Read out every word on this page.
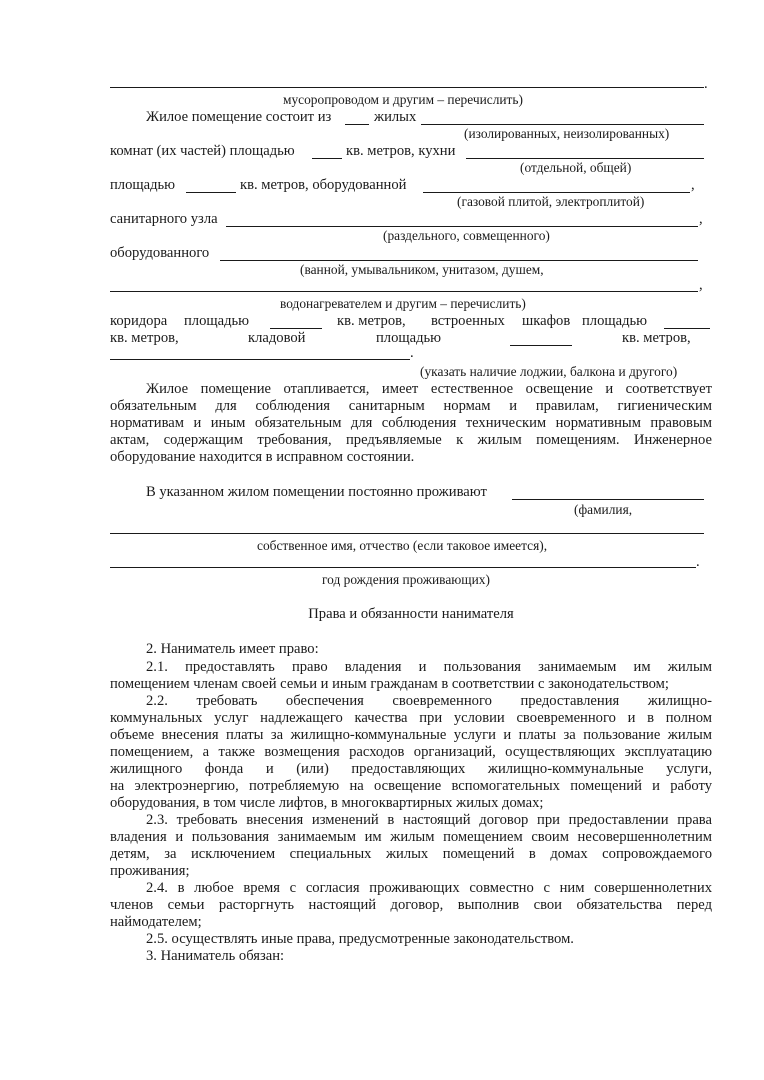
.
мусоропроводом и другим – перечислить)
Жилое помещение состоит из	жилых
(изолированных, неизолированных)
комнат (их частей) площадью	кв. метров, кухни
(отдельной, общей)
площадью	кв. метров, оборудованной	,
(газовой плитой, электроплитой)
санитарного узла	,
(раздельного, совмещенного)
оборудованного
(ванной, умывальником, унитазом, душем,
,
водонагревателем и другим – перечислить)
коридора площадью	кв. метров, встроенных шкафов площадью
кв. метров,	кладовой	площадью	кв. метров,
.
(указать наличие лоджии, балкона и другого)
Жилое помещение отапливается, имеет естественное освещение и соответствует
обязательным для соблюдения санитарным нормам и правилам, гигиеническим
нормативам и иным обязательным для соблюдения техническим нормативным правовым
актам, содержащим требования, предъявляемые к жилым помещениям. Инженерное
оборудование находится в исправном состоянии.
В указанном жилом помещении постоянно проживают
(фамилия,
собственное имя, отчество (если таковое имеется),
.
год рождения проживающих)
Права и обязанности нанимателя
2. Наниматель имеет право:
2.1. предоставлять право владения и пользования занимаемым им жилым
помещением членам своей семьи и иным гражданам в соответствии с законодательством;
2.2. требовать обеспечения своевременного предоставления жилищно-
коммунальных услуг надлежащего качества при условии своевременного и в полном
объеме внесения платы за жилищно-коммунальные услуги и платы за пользование жилым
помещением, а также возмещения расходов организаций, осуществляющих эксплуатацию
жилищного фонда и (или) предоставляющих жилищно-коммунальные услуги,
на электроэнергию, потребляемую на освещение вспомогательных помещений и работу
оборудования, в том числе лифтов, в многоквартирных жилых домах;
2.3. требовать внесения изменений в настоящий договор при предоставлении права
владения и пользования занимаемым им жилым помещением своим несовершеннолетним
детям, за исключением специальных жилых помещений в домах сопровождаемого
проживания;
2.4. в любое время с согласия проживающих совместно с ним совершеннолетних
членов семьи расторгнуть настоящий договор, выполнив свои обязательства перед
наймодателем;
2.5. осуществлять иные права, предусмотренные законодательством.
3. Наниматель обязан:
